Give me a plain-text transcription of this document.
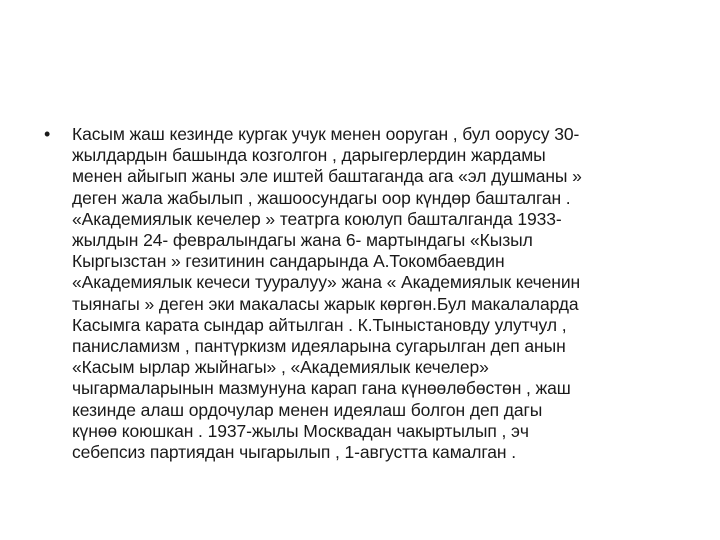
• Касым жаш кезинде кургак учук менен ооруган , бул оорусу 30-
жылдардын башында козголгон , дарыгерлердин жардамы
менен айыгып жаны эле иштей баштаганда ага «эл душманы »
деген жала жабылып , жашоосундагы оор күндөр башталган .
«Академиялык кечелер » театрга коюлуп башталганда 1933-
жылдын 24- февралындагы жана 6- мартындагы «Кызыл
Кыргызстан » гезитинин сандарында А.Токомбаевдин
«Академиялык кечеси тууралуу» жана « Академиялык кеченин
тыянагы » деген эки макаласы жарык көргөн.Бул макалаларда
Касымга карата сындар айтылган . К.Тыныстановду улутчул ,
панисламизм , пантүркизм идеяларына сугарылган деп анын
«Касым ырлар жыйнагы» , «Академиялык кечелер»
чыгармаларынын мазмунуна карап гана күнөөлөбөстөн , жаш
кезинде алаш ордочулар менен идеялаш болгон деп дагы
күнөө коюшкан . 1937-жылы Москвадан чакыртылып , эч
себепсиз партиядан чыгарылып , 1-августта камалган .
